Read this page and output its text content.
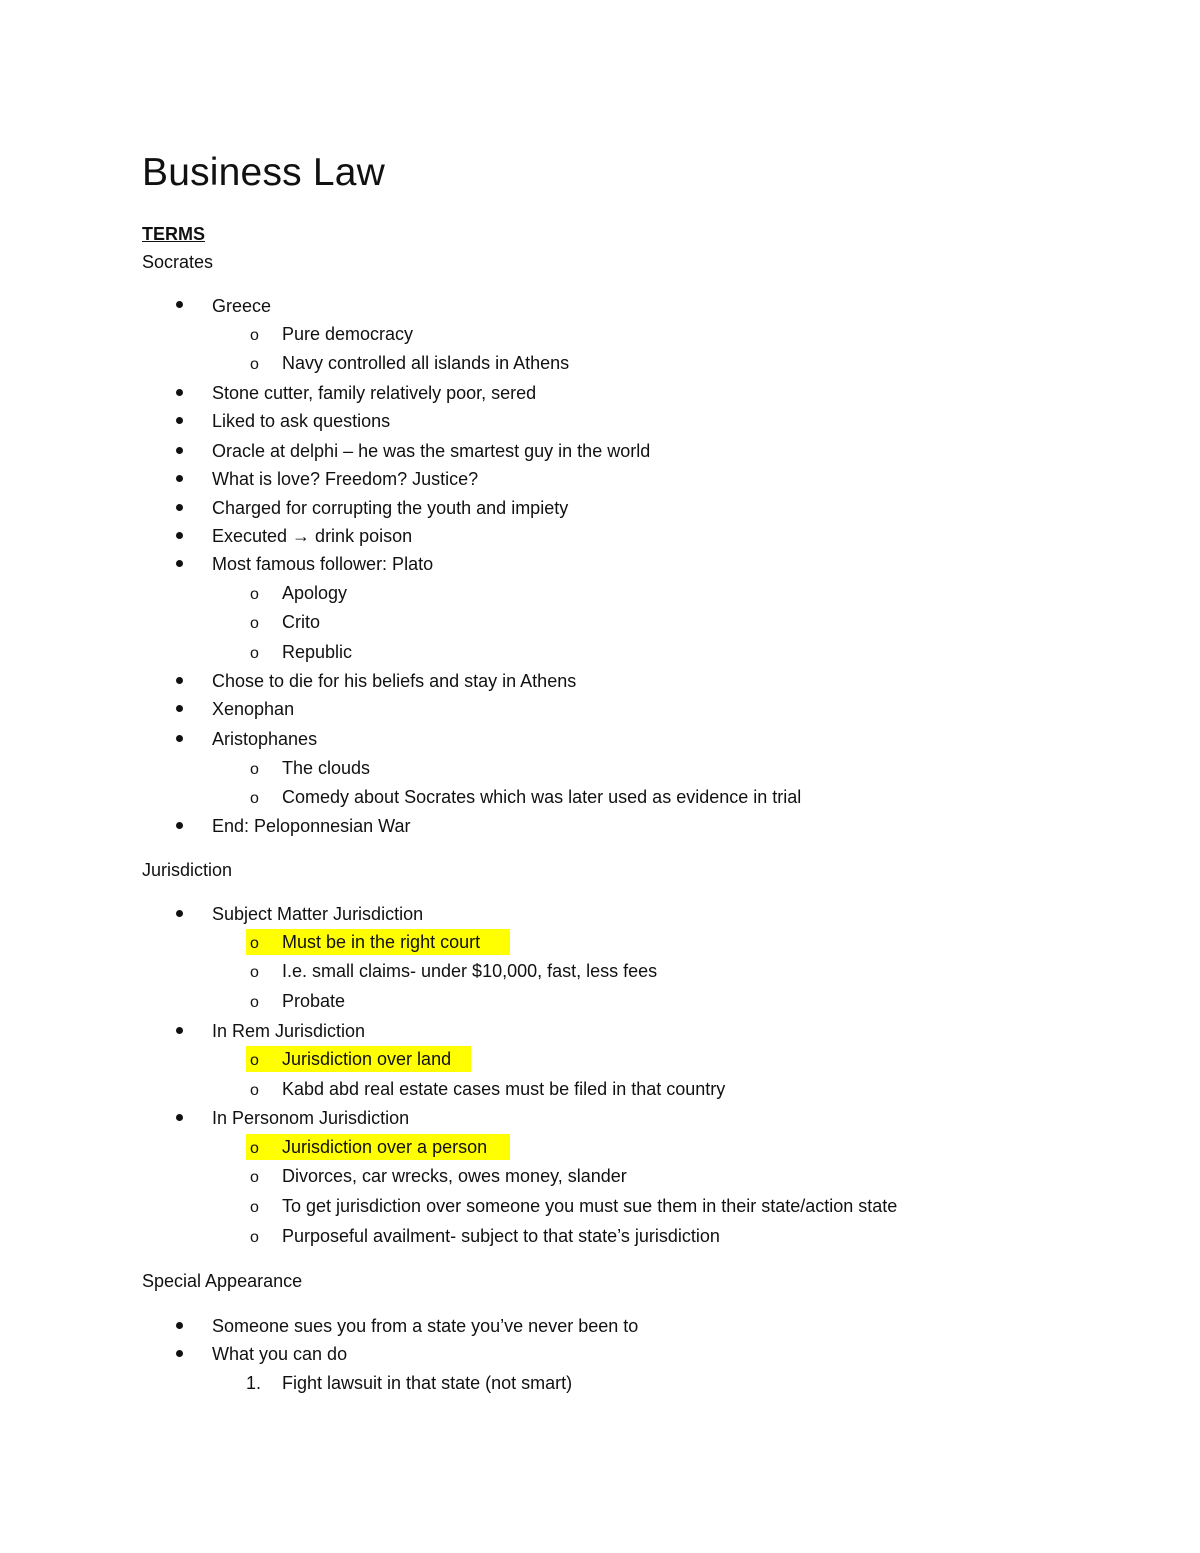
Business Law
TERMS
Socrates
Greece
o Pure democracy
o Navy controlled all islands in Athens
Stone cutter, family relatively poor, sered
Liked to ask questions
Oracle at delphi – he was the smartest guy in the world
What is love? Freedom? Justice?
Charged for corrupting the youth and impiety
Executed → drink poison
Most famous follower: Plato
o Apology
o Crito
o Republic
Chose to die for his beliefs and stay in Athens
Xenophan
Aristophanes
o The clouds
o Comedy about Socrates which was later used as evidence in trial
End: Peloponnesian War
Jurisdiction
Subject Matter Jurisdiction
o Must be in the right court
o I.e. small claims- under $10,000, fast, less fees
o Probate
In Rem Jurisdiction
o Jurisdiction over land
o Kabd abd real estate cases must be filed in that country
In Personom Jurisdiction
o Jurisdiction over a person
o Divorces, car wrecks, owes money, slander
o To get jurisdiction over someone you must sue them in their state/action state
o Purposeful availment- subject to that state’s jurisdiction
Special Appearance
Someone sues you from a state you’ve never been to
What you can do
1. Fight lawsuit in that state (not smart)
